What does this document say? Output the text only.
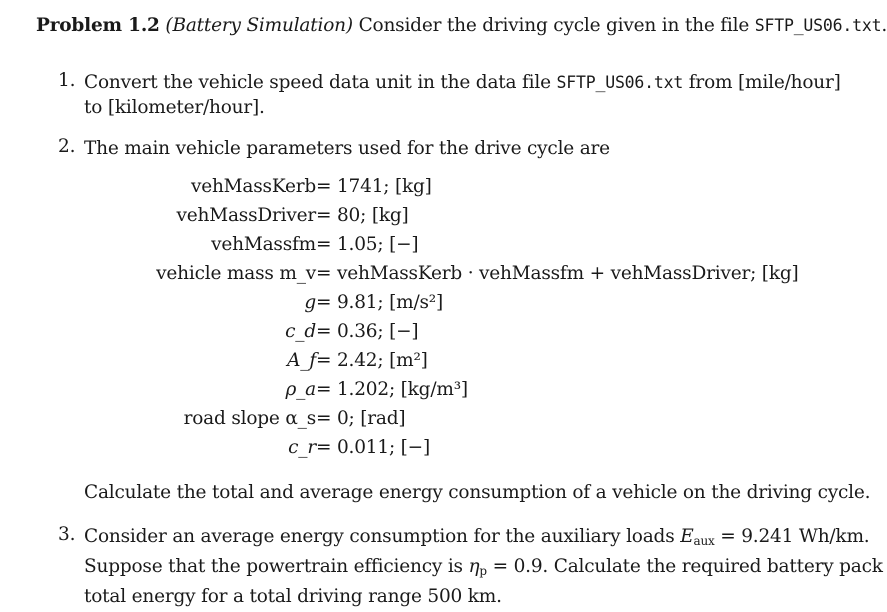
Problem 1.2 (Battery Simulation) Consider the driving cycle given in the file SFTP_US06.txt.
1. Convert the vehicle speed data unit in the data file SFTP_US06.txt from [mile/hour]
to [kilometer/hour].
2. The main vehicle parameters used for the drive cycle are
vehMassKerb = 1741; [kg]
vehMassDriver = 80; [kg]
vehMassfm = 1.05; [−]
vehicle mass m_v = vehMassKerb · vehMassfm + vehMassDriver; [kg]
g = 9.81; [m/s²]
c_d = 0.36; [−]
A_f = 2.42; [m²]
ρ_a = 1.202; [kg/m³]
road slope α_s = 0; [rad]
c_r = 0.011; [−]
Calculate the total and average energy consumption of a vehicle on the driving cycle.
3. Consider an average energy consumption for the auxiliary loads $E_{aux} = 9.241$ Wh/km.
Suppose that the powertrain efficiency is $\eta_p = 0.9$. Calculate the required battery pack
total energy for a total driving range 500 km.
